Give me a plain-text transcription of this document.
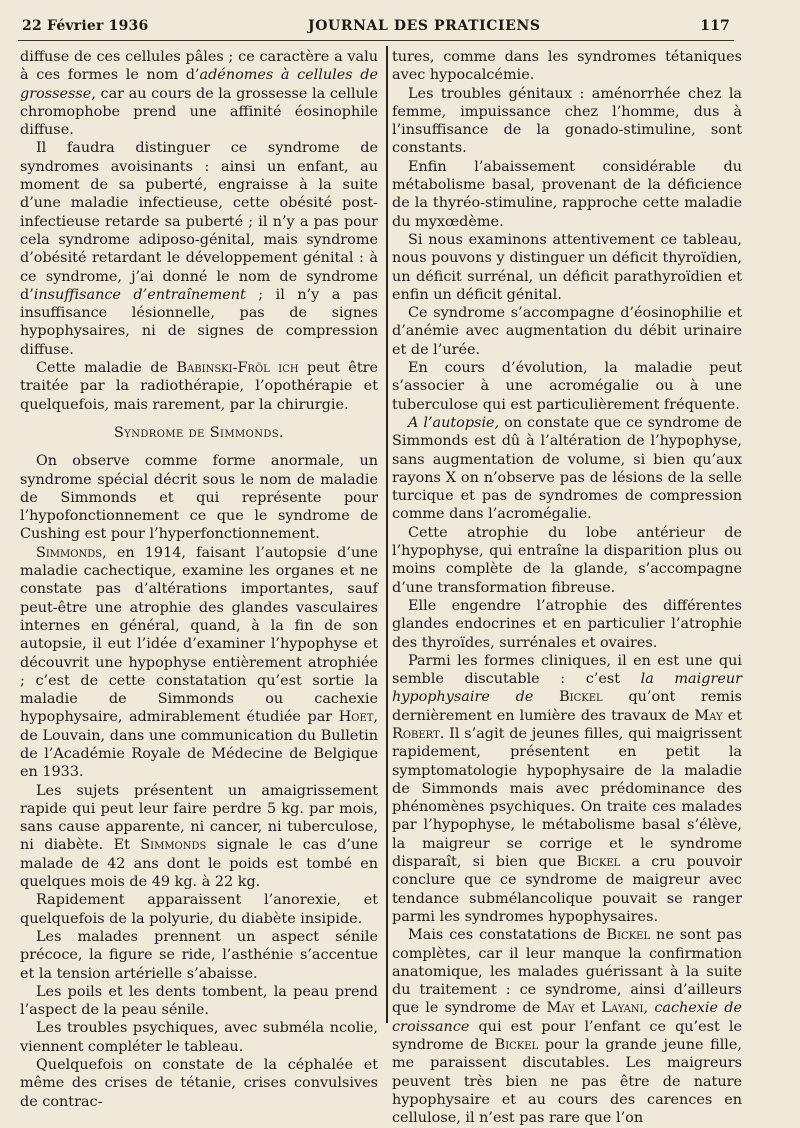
22 Février 1936	JOURNAL DES PRATICIENS	117

diffuse de ces cellules pâles ; ce caractère a valu à ces formes le nom d’adénomes à cellules de grossesse, car au cours de la grossesse la cellule chromophobe prend une affinité éosinophile diffuse.

Il faudra distinguer ce syndrome de syndromes avoisinants : ainsi un enfant, au moment de sa puberté, engraisse à la suite d’une maladie infectieuse, cette obésité post-infectieuse retarde sa puberté ; il n’y a pas pour cela syndrome adiposo-génital, mais syndrome d’obésité retardant le développement génital : à ce syndrome, j’ai donné le nom de syndrome d’insuffisance d’entraînement ; il n’y a pas insuffisance lésionnelle, pas de signes hypophysaires, ni de signes de compression diffuse.

Cette maladie de Babinski-Fröl ich peut être traitée par la radiothérapie, l’opothérapie et quelquefois, mais rarement, par la chirurgie.

Syndrome de Simmonds.

On observe comme forme anormale, un syndrome spécial décrit sous le nom de maladie de Simmonds et qui représente pour l’hypofonctionnement ce que le syndrome de Cushing est pour l’hyperfonctionnement.

Simmonds, en 1914, faisant l’autopsie d’une maladie cachectique, examine les organes et ne constate pas d’altérations importantes, sauf peut-être une atrophie des glandes vasculaires internes en général, quand, à la fin de son autopsie, il eut l’idée d’examiner l’hypophyse et découvrit une hypophyse entièrement atrophiée ; c’est de cette constatation qu’est sortie la maladie de Simmonds ou cachexie hypophysaire, admirablement étudiée par Hoet, de Louvain, dans une communication du Bulletin de l’Académie Royale de Médecine de Belgique en 1933.

Les sujets présentent un amaigrissement rapide qui peut leur faire perdre 5 kg. par mois, sans cause apparente, ni cancer, ni tuberculose, ni diabète. Et Simmonds signale le cas d’une malade de 42 ans dont le poids est tombé en quelques mois de 49 kg. à 22 kg.

Rapidement apparaissent l’anorexie, et quelquefois de la polyurie, du diabète insipide.

Les malades prennent un aspect sénile précoce, la figure se ride, l’asthénie s’accentue et la tension artérielle s’abaisse.

Les poils et les dents tombent, la peau prend l’aspect de la peau sénile.

Les troubles psychiques, avec subméla ncolie, viennent compléter le tableau.

Quelquefois on constate de la céphalée et même des crises de tétanie, crises convulsives de contrac-

tures, comme dans les syndromes tétaniques avec hypocalcémie.

Les troubles génitaux : aménorrhée chez la femme, impuissance chez l’homme, dus à l’insuffisance de la gonado-stimuline, sont constants.

Enfin l’abaissement considérable du métabolisme basal, provenant de la déficience de la thyréo-stimuline, rapproche cette maladie du myxœdème.

Si nous examinons attentivement ce tableau, nous pouvons y distinguer un déficit thyroïdien, un déficit surrénal, un déficit parathyroïdien et enfin un déficit génital.

Ce syndrome s’accompagne d’éosinophilie et d’anémie avec augmentation du débit urinaire et de l’urée.

En cours d’évolution, la maladie peut s’associer à une acromégalie ou à une tuberculose qui est particulièrement fréquente.

A l’autopsie, on constate que ce syndrome de Simmonds est dû à l’altération de l’hypophyse, sans augmentation de volume, si bien qu’aux rayons X on n’observe pas de lésions de la selle turcique et pas de syndromes de compression comme dans l’acromégalie.

Cette atrophie du lobe antérieur de l’hypophyse, qui entraîne la disparition plus ou moins complète de la glande, s’accompagne d’une transformation fibreuse.

Elle engendre l’atrophie des différentes glandes endocrines et en particulier l’atrophie des thyroïdes, surrénales et ovaires.

Parmi les formes cliniques, il en est une qui semble discutable : c’est la maigreur hypophysaire de Bickel qu’ont remis dernièrement en lumière des travaux de May et Robert. Il s’agit de jeunes filles, qui maigrissent rapidement, présentent en petit la symptomatologie hypophysaire de la maladie de Simmonds mais avec prédominance des phénomènes psychiques. On traite ces malades par l’hypophyse, le métabolisme basal s’élève, la maigreur se corrige et le syndrome disparaît, si bien que Bickel a cru pouvoir conclure que ce syndrome de maigreur avec tendance submélancolique pouvait se ranger parmi les syndromes hypophysaires.

Mais ces constatations de Bickel ne sont pas complètes, car il leur manque la confirmation anatomique, les malades guérissant à la suite du traitement : ce syndrome, ainsi d’ailleurs que le syndrome de May et Layani, cachexie de croissance qui est pour l’enfant ce qu’est le syndrome de Bickel pour la grande jeune fille, me paraissent discutables. Les maigreurs peuvent très bien ne pas être de nature hypophysaire et au cours des carences en cellulose, il n’est pas rare que l’on
